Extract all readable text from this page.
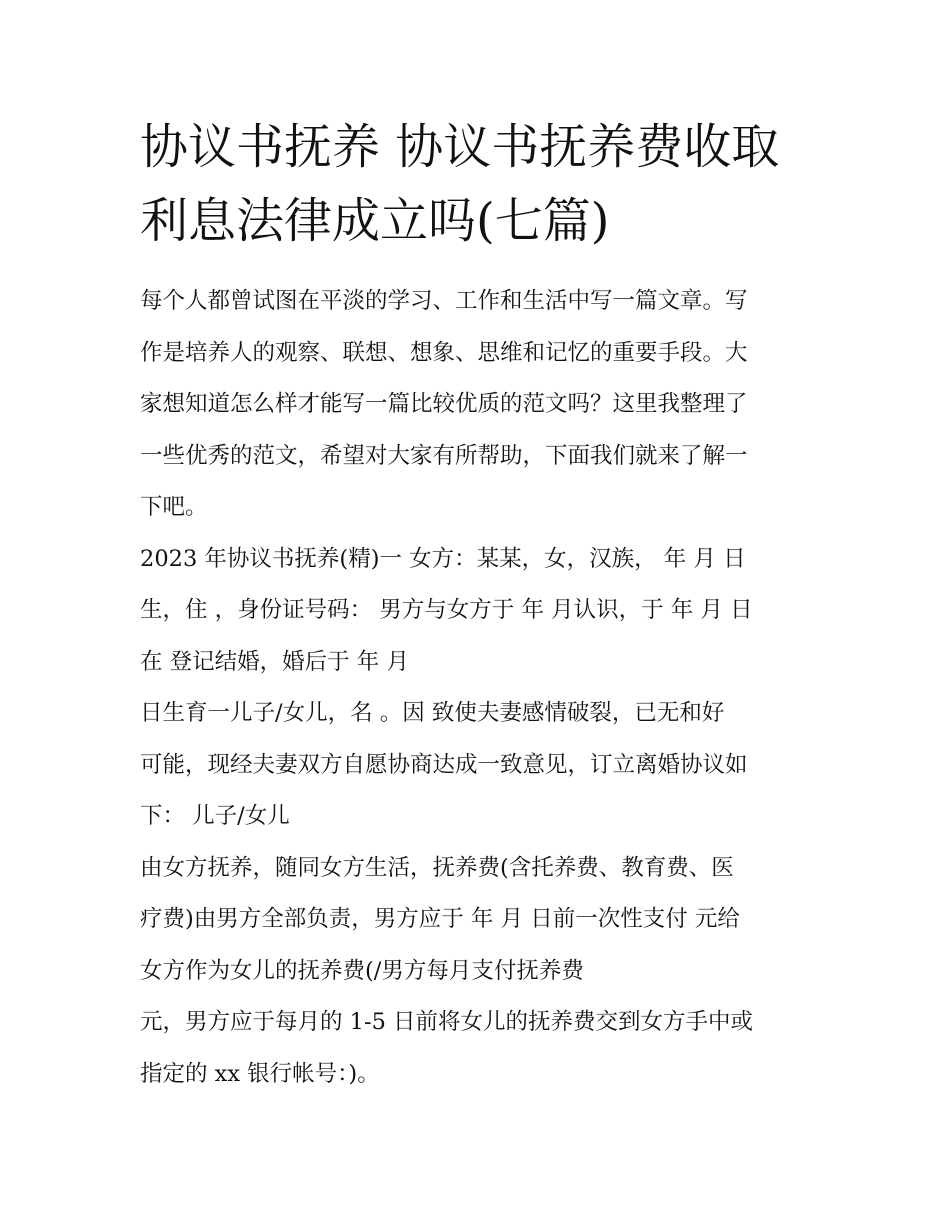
协议书抚养 协议书抚养费收取
利息法律成立吗(七篇)
每个人都曾试图在平淡的学习、工作和生活中写一篇文章。写
作是培养人的观察、联想、想象、思维和记忆的重要手段。大
家想知道怎么样才能写一篇比较优质的范文吗？这里我整理了
一些优秀的范文，希望对大家有所帮助，下面我们就来了解一
下吧。
2023 年协议书抚养(精)一 女方：某某，女，汉族， 年 月 日
生，住 ，身份证号码： 男方与女方于 年 月认识，于 年 月 日
在 登记结婚，婚后于 年 月
日生育一儿子/女儿，名 。因 致使夫妻感情破裂，已无和好
可能，现经夫妻双方自愿协商达成一致意见，订立离婚协议如
下： 儿子/女儿
由女方抚养，随同女方生活，抚养费(含托养费、教育费、医
疗费)由男方全部负责，男方应于 年 月 日前一次性支付 元给
女方作为女儿的抚养费(/男方每月支付抚养费
元，男方应于每月的 1-5 日前将女儿的抚养费交到女方手中或
指定的 xx 银行帐号：)。
